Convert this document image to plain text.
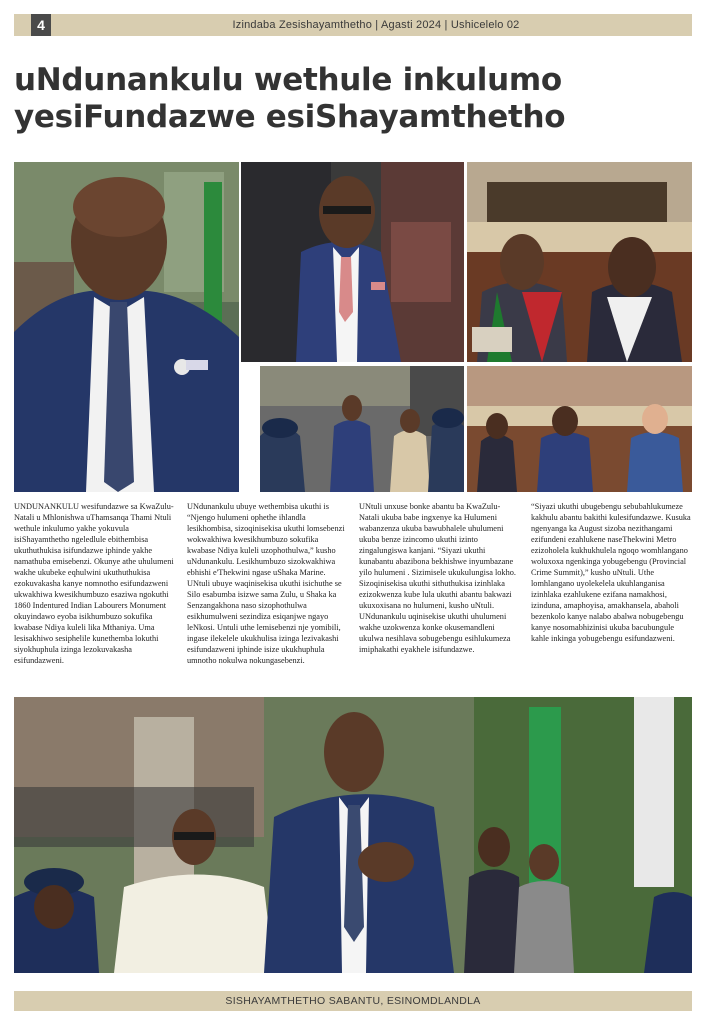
4	Izindaba Zesishayamthetho | Agasti 2024 | Ushicelelo 02
uNdunankulu wethule inkulumo
yesiFundazwe esiShayamthetho

UNDUNANKULU wesifundazwe sa KwaZulu-Natali u Mhlonishwa uThamsanqa Thami Ntuli wethule inkulumo yakhe yokuvula isiShayamthetho ngeledlule ebithembisa ukuthuthukisa isifundazwe iphinde yakhe namathuba emisebenzi. Okunye athe uhulumeni wakhe ukubeke eqhulwini ukuthuthukisa ezokuvakasha kanye nomnotho esifundazweni ukwakhiwa kwesikhumbuzo esaziwa ngokuthi 1860 Indentured Indian Labourers Monument okuyindawo eyoba isikhumbuzo sokufika kwabase Ndiya kuleli lika Mthaniya. Uma lesisakhiwo sesiphelile kunethemba lokuthi siyokhuphula izinga lezokuvakasha esifundazweni.

UNdunankulu ubuye wethembisa ukuthi is “Njengo hulumeni ophethe ihlandla lesikhombisa, sizoqinisekisa ukuthi lomsebenzi wokwakhiwa kwesikhumbuzo sokufika kwabase Ndiya kuleli uzophothulwa,” kusho uNdunankulu. Lesikhumbuzo sizokwakhiwa ebhishi e'Thekwini ngase uShaka Marine. UNtuli ubuye waqinisekisa ukuthi isichuthe se Silo esabumba isizwe sama Zulu, u Shaka ka Senzangakhona naso sizophothulwa esikhumulweni sezindiza esiqanjwe ngayo leNkosi. Untuli uthe lemisebenzi nje yomibili, ingase ilekelele ukukhulisa izinga lezivakashi esifundazweni iphinde isize ukukhuphula umnotho nokulwa nokungasebenzi.

UNtuli unxuse bonke abantu ba KwaZulu-Natali ukuba babe ingxenye ka Hulumeni wabanzenza ukuba bawubhalele uhulumeni ukuba benze izincomo ukuthi izinto zingalungiswa kanjani. “Siyazi ukuthi kunabantu abazibona bekhishwe inyumbazane yilo hulumeni . Sizimisele ukukulungisa lokho. Sizoqinisekisa ukuthi sithuthukisa izinhlaka ezizokwenza kube lula ukuthi abantu bakwazi ukuxoxisana no hulumeni, kusho uNtuli. UNdunankulu uqinisekise ukuthi uhulumeni wakhe uzokwenza konke okusemandleni ukulwa nesihlava sobugebengu esihlukumeza imiphakathi eyakhele isifundazwe.

“Siyazi ukuthi ubugebengu sebubahlukumeze kakhulu abantu bakithi kulesifundazwe. Kusukа ngenyanga ka August sizoba nezithangami ezifundeni ezahlukene naseThekwini Metro ezizoholela kukhukhulela ngoqo womhlangano woluxoxa ngenkinga yobugebengu (Provincial Crime Summit),” kusho uNtuli. Uthe lomhlangano uyolekelela ukuhlanganisa izinhlaka ezahlukene ezifana namakhosi, izinduna, amaphoyisa, amakhansela, abaholi bezenkolo kanye nalabo abalwa nobugebengu kanye nosomabhizinisi ukuba bacubungule kahle inkinga yobugebengu esifundazweni.

SISHAYAMTHETHO SABANTU, ESINOMDLANDLA
